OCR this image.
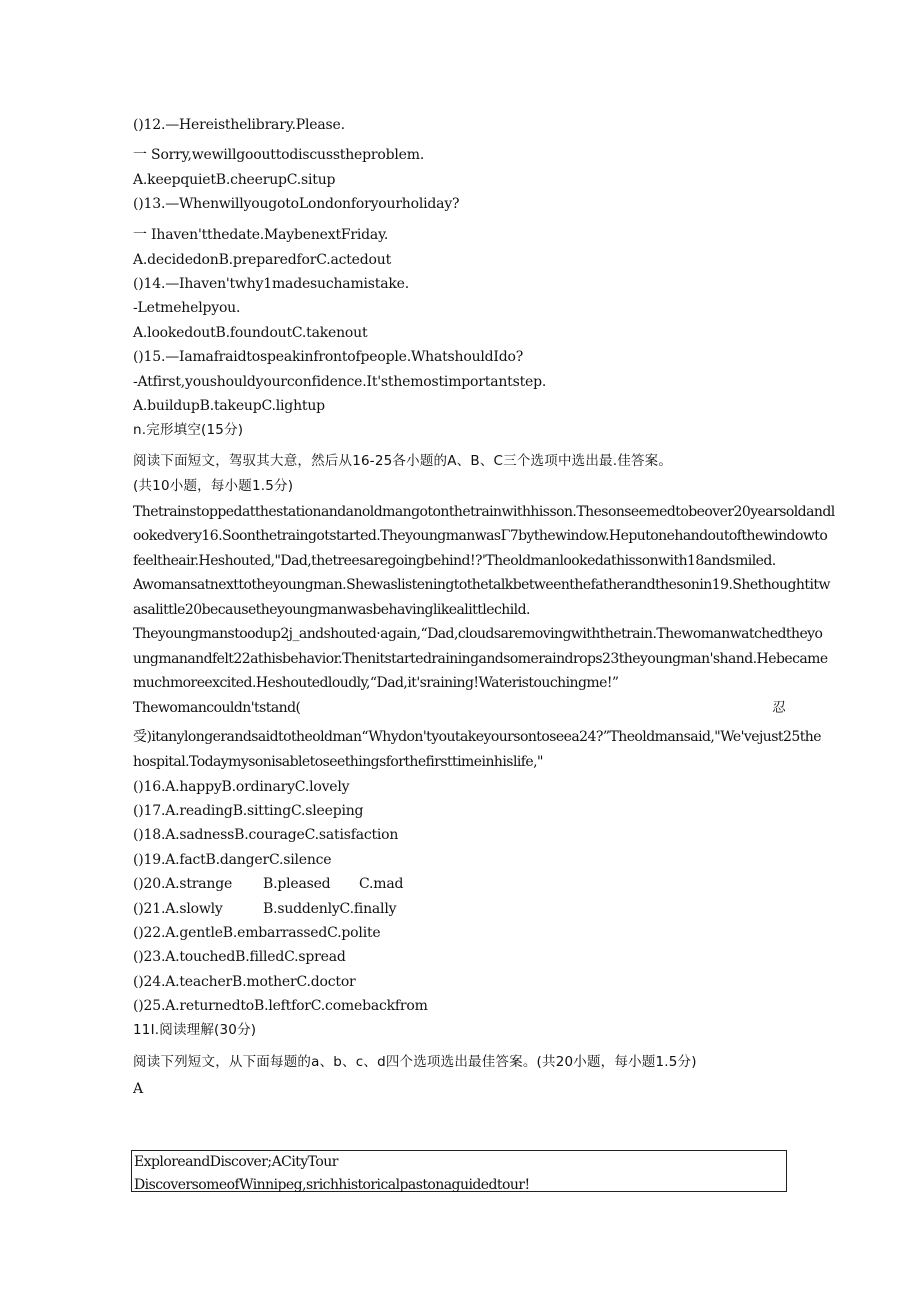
()12.—Hereisthelibrary.Please.
一 Sorry,wewillgoouttodiscusstheproblem.
A.keepquietB.cheerupC.situp
()13.—WhenwillyougotoLondonforyourholiday?
一 Ihaven'tthedate.MaybenextFriday.
A.decidedonB.preparedforC.actedout
()14.—Ihaven'twhy1madesuchamistake.
-Letmehelpyou.
A.lookedoutB.foundoutC.takenout
()15.—Iamafraidtospeakinfrontofpeople.WhatshouldIdo?
-Atfirst,youshouldyourconfidence.It'sthemostimportantstep.
A.buildupB.takeupC.lightup
n.完形填空(15分)
阅读下面短文，驾驭其大意，然后从16-25各小题的A、B、C三个选项中选出最.佳答案。
(共10小题，每小题1.5分)
Thetrainstoppedatthestationandanoldmangotonthetrainwithhisson.Thesonseemedtobeover20yearsoldandl
ookedvery16.Soonthetraingotstarted.TheyoungmanwasΓ7bythewindow.Heputonehandoutofthewindowto
feeltheair.Heshouted,"Dad,thetreesaregoingbehind!?'Theoldmanlookedathissonwith18andsmiled.
Awomansatnexttotheyoungman.Shewaslisteningtothetalkbetweenthefatherandthesonin19.Shethoughtitw
asalittle20becausetheyoungmanwasbehavinglikealittlechild.
Theyoungmanstoodup2j_andshouted·again,“Dad,cloudsaremovingwiththetrain.Thewomanwatchedtheyo
ungmanandfelt22athisbehavior.Thenitstartedrainingandsomeraindrops23theyoungman'shand.Hebecame
muchmoreexcited.Heshoutedloudly,“Dad,it'sraining!Wateristouchingme!”
Thewomancouldn'tstand(	忍
受)itanylongerandsaidtotheoldman“Whydon'tyoutakeyoursontoseea24?”Theoldmansaid,"We'vejust25the
hospital.Todaymysonisabletoseethingsforthefirsttimeinhislife,"
()16.A.happyB.ordinaryC.lovely
()17.A.readingB.sittingC.sleeping
()18.A.sadnessB.courageC.satisfaction
()19.A.factB.dangerC.silence
()20.A.strange B.pleased C.mad
()21.A.slowly	B.suddenlyC.finally
()22.A.gentleB.embarrassedC.polite
()23.A.touchedB.filledC.spread
()24.A.teacherB.motherC.doctor
()25.A.returnedtoB.leftforC.comebackfrom
11I.阅读理解(30分)
阅读下列短文，从下面每题的a、b、c、d四个选项选出最佳答案。(共20小题，每小题1.5分)
A
ExploreandDiscover;ACityTour
DiscoversomeofWinnipeg,srichhistoricalpastonaguidedtour!
